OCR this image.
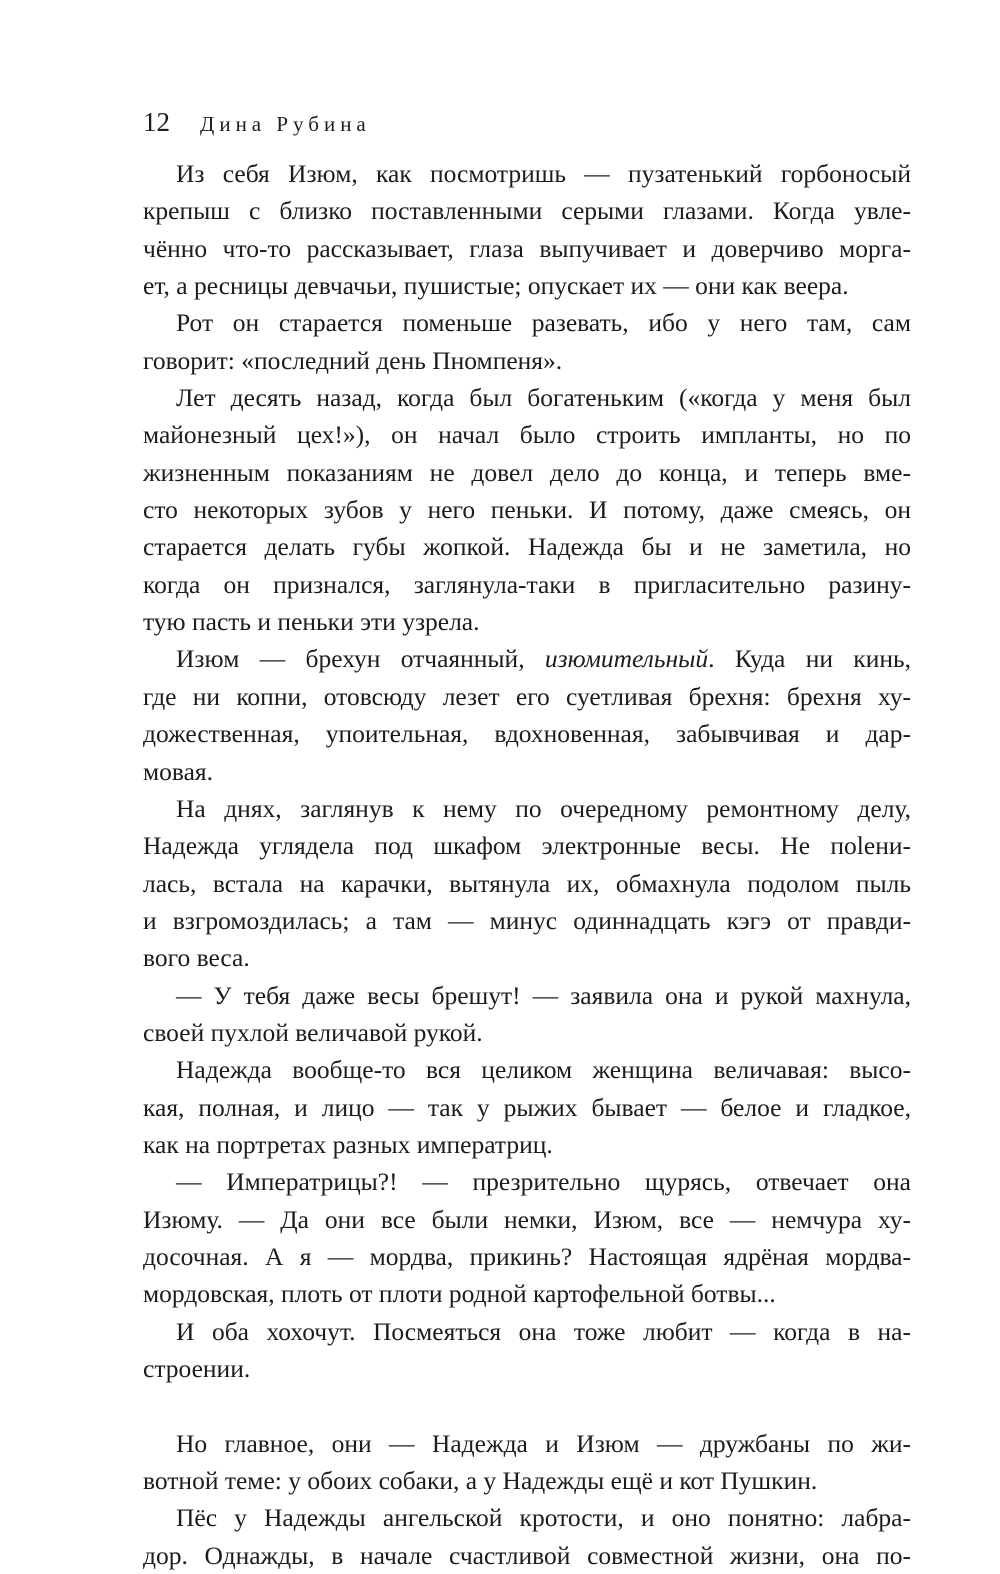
12 Дина Рубина
Из себя Изюм, как посмотришь — пузатенький горбоносый
крепыш с близко поставленными серыми глазами. Когда увле-
чённо что-то рассказывает, глаза выпучивает и доверчиво морга-
ет, а ресницы девчачьи, пушистые; опускает их — они как веера.
Рот он старается поменьше разевать, ибо у него там, сам
говорит: «последний день Пномпеня».
Лет десять назад, когда был богатеньким («когда у меня был
майонезный цех!»), он начал было строить импланты, но по
жизненным показаниям не довел дело до конца, и теперь вме-
сто некоторых зубов у него пеньки. И потому, даже смеясь, он
старается делать губы жопкой. Надежда бы и не заметила, но
когда он признался, заглянула-таки в пригласительно разину-
тую пасть и пеньки эти узрела.
Изюм — брехун отчаянный, изюмительный. Куда ни кинь,
где ни копни, отовсюду лезет его суетливая брехня: брехня ху-
дожественная, упоительная, вдохновенная, забывчивая и дар-
мовая.
На днях, заглянув к нему по очередному ремонтному делу,
Надежда углядела под шкафом электронные весы. Не поleни-
лась, встала на карачки, вытянула их, обмахнула подолом пыль
и взгромоздилась; а там — минус одиннадцать кэгэ от правди-
вого веса.
— У тебя даже весы брешут! — заявила она и рукой махнула,
своей пухлой величавой рукой.
Надежда вообще-то вся целиком женщина величавая: высо-
кая, полная, и лицо — так у рыжих бывает — белое и гладкое,
как на портретах разных императриц.
— Императрицы?! — презрительно щурясь, отвечает она
Изюму. — Да они все были немки, Изюм, все — немчура ху-
досочная. А я — мордва, прикинь? Настоящая ядрёная мордва-
мордовская, плоть от плоти родной картофельной ботвы...
И оба хохочут. Посмеяться она тоже любит — когда в на-
строении.
Но главное, они — Надежда и Изюм — дружбаны по жи-
вотной теме: у обоих собаки, а у Надежды ещё и кот Пушкин.
Пёс у Надежды ангельской кротости, и оно понятно: лабра-
дор. Однажды, в начале счастливой совместной жизни, она по-
